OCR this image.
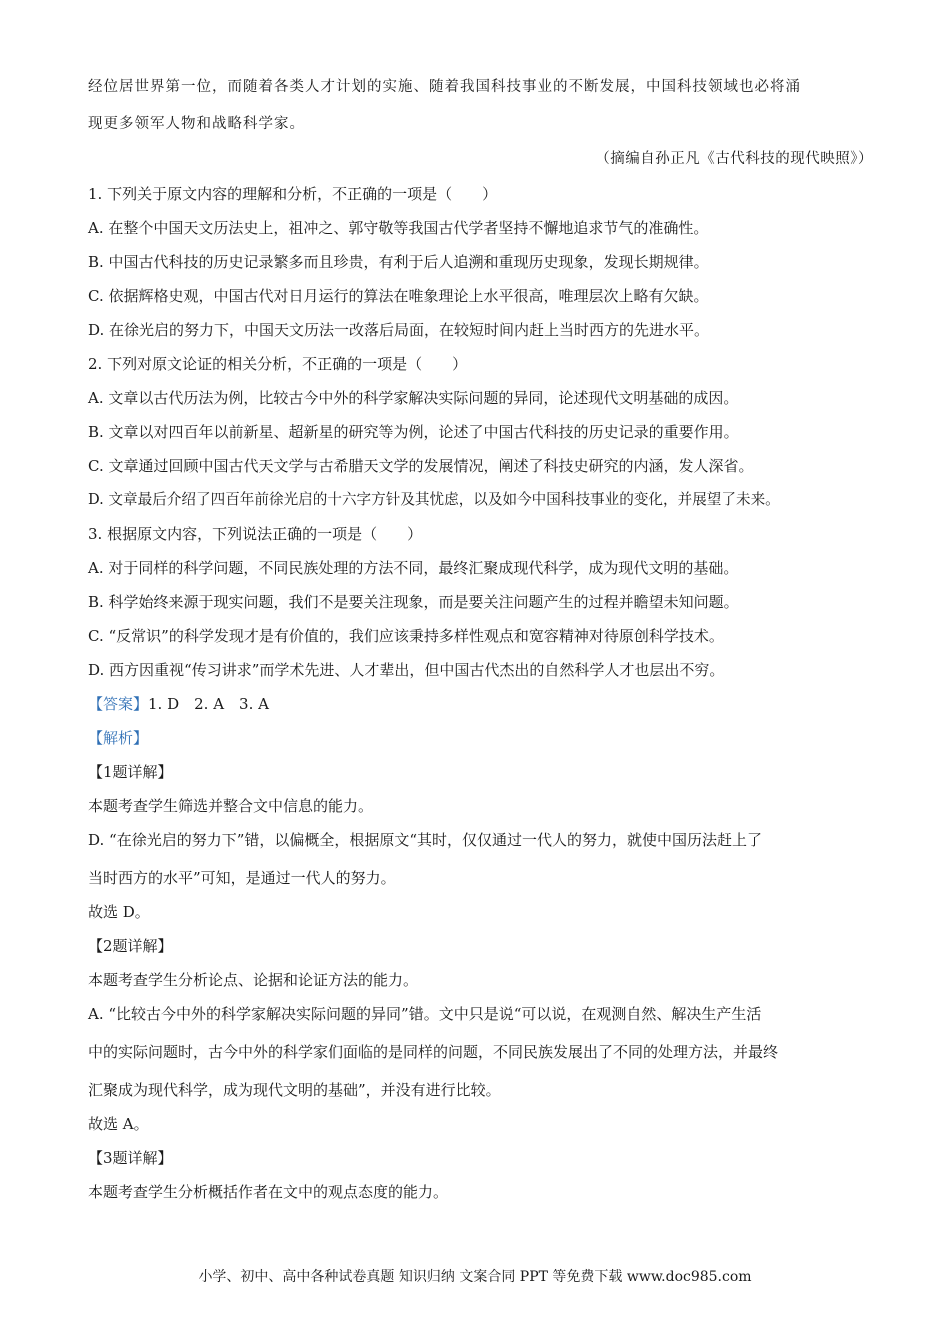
经位居世界第一位，而随着各类人才计划的实施、随着我国科技事业的不断发展，中国科技领域也必将涌
现更多领军人物和战略科学家。
（摘编自孙正凡《古代科技的现代映照》）

1. 下列关于原文内容的理解和分析，不正确的一项是（　　）

A. 在整个中国天文历法史上，祖冲之、郭守敬等我国古代学者坚持不懈地追求节气的准确性。

B. 中国古代科技的历史记录繁多而且珍贵，有利于后人追溯和重现历史现象，发现长期规律。

C. 依据辉格史观，中国古代对日月运行的算法在唯象理论上水平很高，唯理层次上略有欠缺。

D. 在徐光启的努力下，中国天文历法一改落后局面，在较短时间内赶上当时西方的先进水平。

2. 下列对原文论证的相关分析，不正确的一项是（　　）

A. 文章以古代历法为例，比较古今中外的科学家解决实际问题的异同，论述现代文明基础的成因。

B. 文章以对四百年以前新星、超新星的研究等为例，论述了中国古代科技的历史记录的重要作用。

C. 文章通过回顾中国古代天文学与古希腊天文学的发展情况，阐述了科技史研究的内涵，发人深省。

D. 文章最后介绍了四百年前徐光启的十六字方针及其忧虑，以及如今中国科技事业的变化，并展望了未来。

3. 根据原文内容，下列说法正确的一项是（　　）

A. 对于同样的科学问题，不同民族处理的方法不同，最终汇聚成现代科学，成为现代文明的基础。

B. 科学始终来源于现实问题，我们不是要关注现象，而是要关注问题产生的过程并瞻望未知问题。

C. “反常识”的科学发现才是有价值的，我们应该秉持多样性观点和宽容精神对待原创科学技术。

D. 西方因重视“传习讲求”而学术先进、人才辈出，但中国古代杰出的自然科学人才也层出不穷。

【答案】1. D　2. A　3. A

【解析】

【1题详解】

本题考查学生筛选并整合文中信息的能力。

D. “在徐光启的努力下”错，以偏概全，根据原文“其时，仅仅通过一代人的努力，就使中国历法赶上了

当时西方的水平”可知，是通过一代人的努力。

故选 D。

【2题详解】

本题考查学生分析论点、论据和论证方法的能力。

A. “比较古今中外的科学家解决实际问题的异同”错。文中只是说“可以说，在观测自然、解决生产生活

中的实际问题时，古今中外的科学家们面临的是同样的问题，不同民族发展出了不同的处理方法，并最终

汇聚成为现代科学，成为现代文明的基础”，并没有进行比较。

故选 A。

【3题详解】

本题考查学生分析概括作者在文中的观点态度的能力。

小学、初中、高中各种试卷真题 知识归纳 文案合同 PPT 等免费下载 www.doc985.com
